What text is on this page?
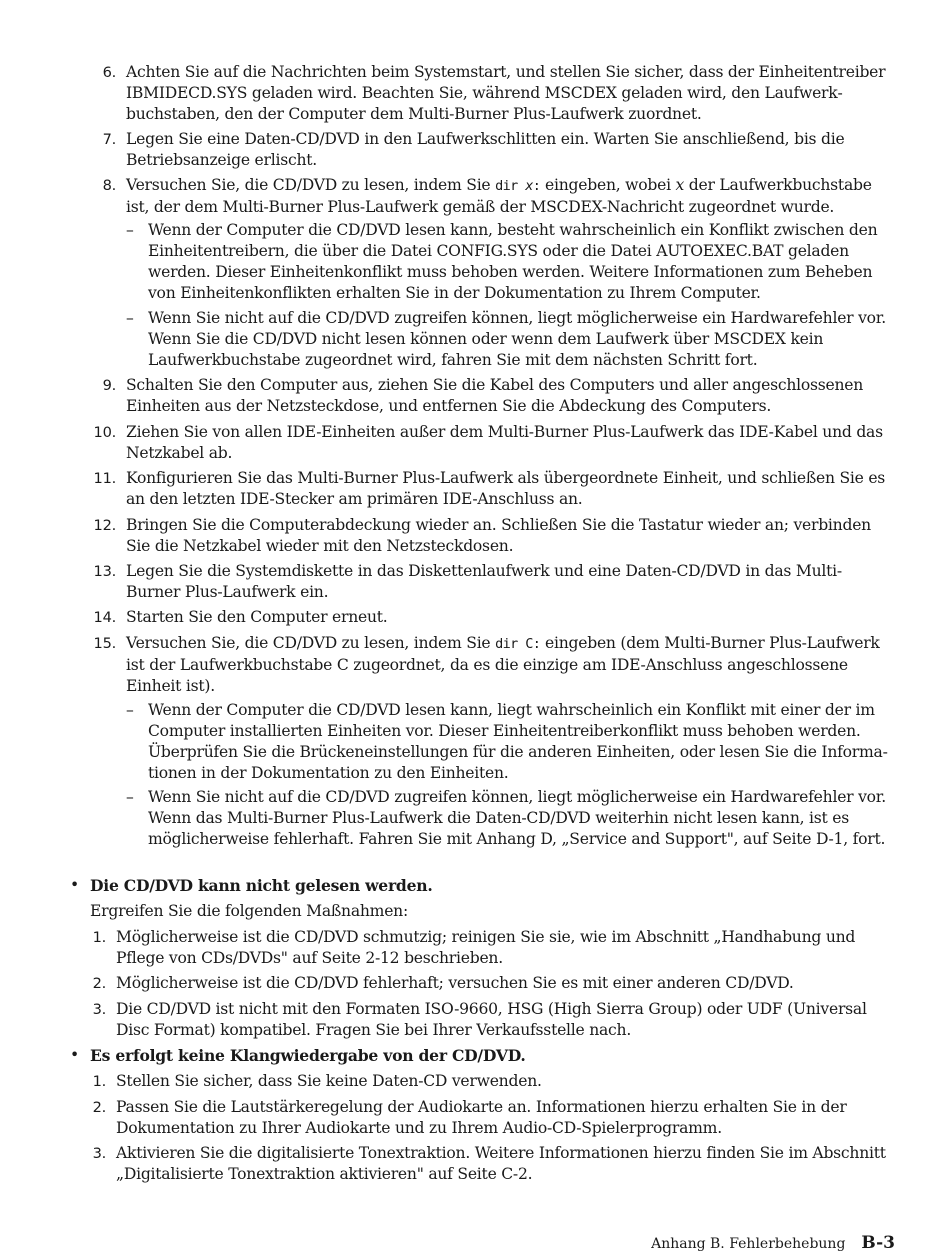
6. Achten Sie auf die Nachrichten beim Systemstart, und stellen Sie sicher, dass der Einheitentreiber IBMIDECD.SYS geladen wird. Beachten Sie, während MSCDEX geladen wird, den Laufwerkbuchstaben, den der Computer dem Multi-Burner Plus-Laufwerk zuordnet.
7. Legen Sie eine Daten-CD/DVD in den Laufwerkschlitten ein. Warten Sie anschließend, bis die Betriebsanzeige erlischt.
8. Versuchen Sie, die CD/DVD zu lesen, indem Sie dir x: eingeben, wobei x der Laufwerkbuchstabe ist, der dem Multi-Burner Plus-Laufwerk gemäß der MSCDEX-Nachricht zugeordnet wurde.
– Wenn der Computer die CD/DVD lesen kann, besteht wahrscheinlich ein Konflikt zwischen den Einheitentreibern, die über die Datei CONFIG.SYS oder die Datei AUTOEXEC.BAT geladen werden. Dieser Einheitenkonflikt muss behoben werden. Weitere Informationen zum Beheben von Einheitenkonflikten erhalten Sie in der Dokumentation zu Ihrem Computer.
– Wenn Sie nicht auf die CD/DVD zugreifen können, liegt möglicherweise ein Hardwarefehler vor. Wenn Sie die CD/DVD nicht lesen können oder wenn dem Laufwerk über MSCDEX kein Laufwerkbuchstabe zugeordnet wird, fahren Sie mit dem nächsten Schritt fort.
9. Schalten Sie den Computer aus, ziehen Sie die Kabel des Computers und aller angeschlossenen Einheiten aus der Netzsteckdose, und entfernen Sie die Abdeckung des Computers.
10. Ziehen Sie von allen IDE-Einheiten außer dem Multi-Burner Plus-Laufwerk das IDE-Kabel und das Netzkabel ab.
11. Konfigurieren Sie das Multi-Burner Plus-Laufwerk als übergeordnete Einheit, und schließen Sie es an den letzten IDE-Stecker am primären IDE-Anschluss an.
12. Bringen Sie die Computerabdeckung wieder an. Schließen Sie die Tastatur wieder an; verbinden Sie die Netzkabel wieder mit den Netzsteckdosen.
13. Legen Sie die Systemdiskette in das Diskettenlaufwerk und eine Daten-CD/DVD in das Multi-Burner Plus-Laufwerk ein.
14. Starten Sie den Computer erneut.
15. Versuchen Sie, die CD/DVD zu lesen, indem Sie dir C: eingeben (dem Multi-Burner Plus-Laufwerk ist der Laufwerkbuchstabe C zugeordnet, da es die einzige am IDE-Anschluss angeschlossene Einheit ist).
– Wenn der Computer die CD/DVD lesen kann, liegt wahrscheinlich ein Konflikt mit einer der im Computer installierten Einheiten vor. Dieser Einheitentreiberkonflikt muss behoben werden. Überprüfen Sie die Brückeneinstellungen für die anderen Einheiten, oder lesen Sie die Informationen in der Dokumentation zu den Einheiten.
– Wenn Sie nicht auf die CD/DVD zugreifen können, liegt möglicherweise ein Hardwarefehler vor. Wenn das Multi-Burner Plus-Laufwerk die Daten-CD/DVD weiterhin nicht lesen kann, ist es möglicherweise fehlerhaft. Fahren Sie mit Anhang D, „Service and Support", auf Seite D-1, fort.
• Die CD/DVD kann nicht gelesen werden.
Ergreifen Sie die folgenden Maßnahmen:
1. Möglicherweise ist die CD/DVD schmutzig; reinigen Sie sie, wie im Abschnitt „Handhabung und Pflege von CDs/DVDs" auf Seite 2-12 beschrieben.
2. Möglicherweise ist die CD/DVD fehlerhaft; versuchen Sie es mit einer anderen CD/DVD.
3. Die CD/DVD ist nicht mit den Formaten ISO-9660, HSG (High Sierra Group) oder UDF (Universal Disc Format) kompatibel. Fragen Sie bei Ihrer Verkaufsstelle nach.
• Es erfolgt keine Klangwiedergabe von der CD/DVD.
1. Stellen Sie sicher, dass Sie keine Daten-CD verwenden.
2. Passen Sie die Lautstärkeregelung der Audiokarte an. Informationen hierzu erhalten Sie in der Dokumentation zu Ihrer Audiokarte und zu Ihrem Audio-CD-Spielerprogramm.
3. Aktivieren Sie die digitalisierte Tonextraktion. Weitere Informationen hierzu finden Sie im Abschnitt „Digitalisierte Tonextraktion aktivieren" auf Seite C-2.
Anhang B. Fehlerbehebung B-3
